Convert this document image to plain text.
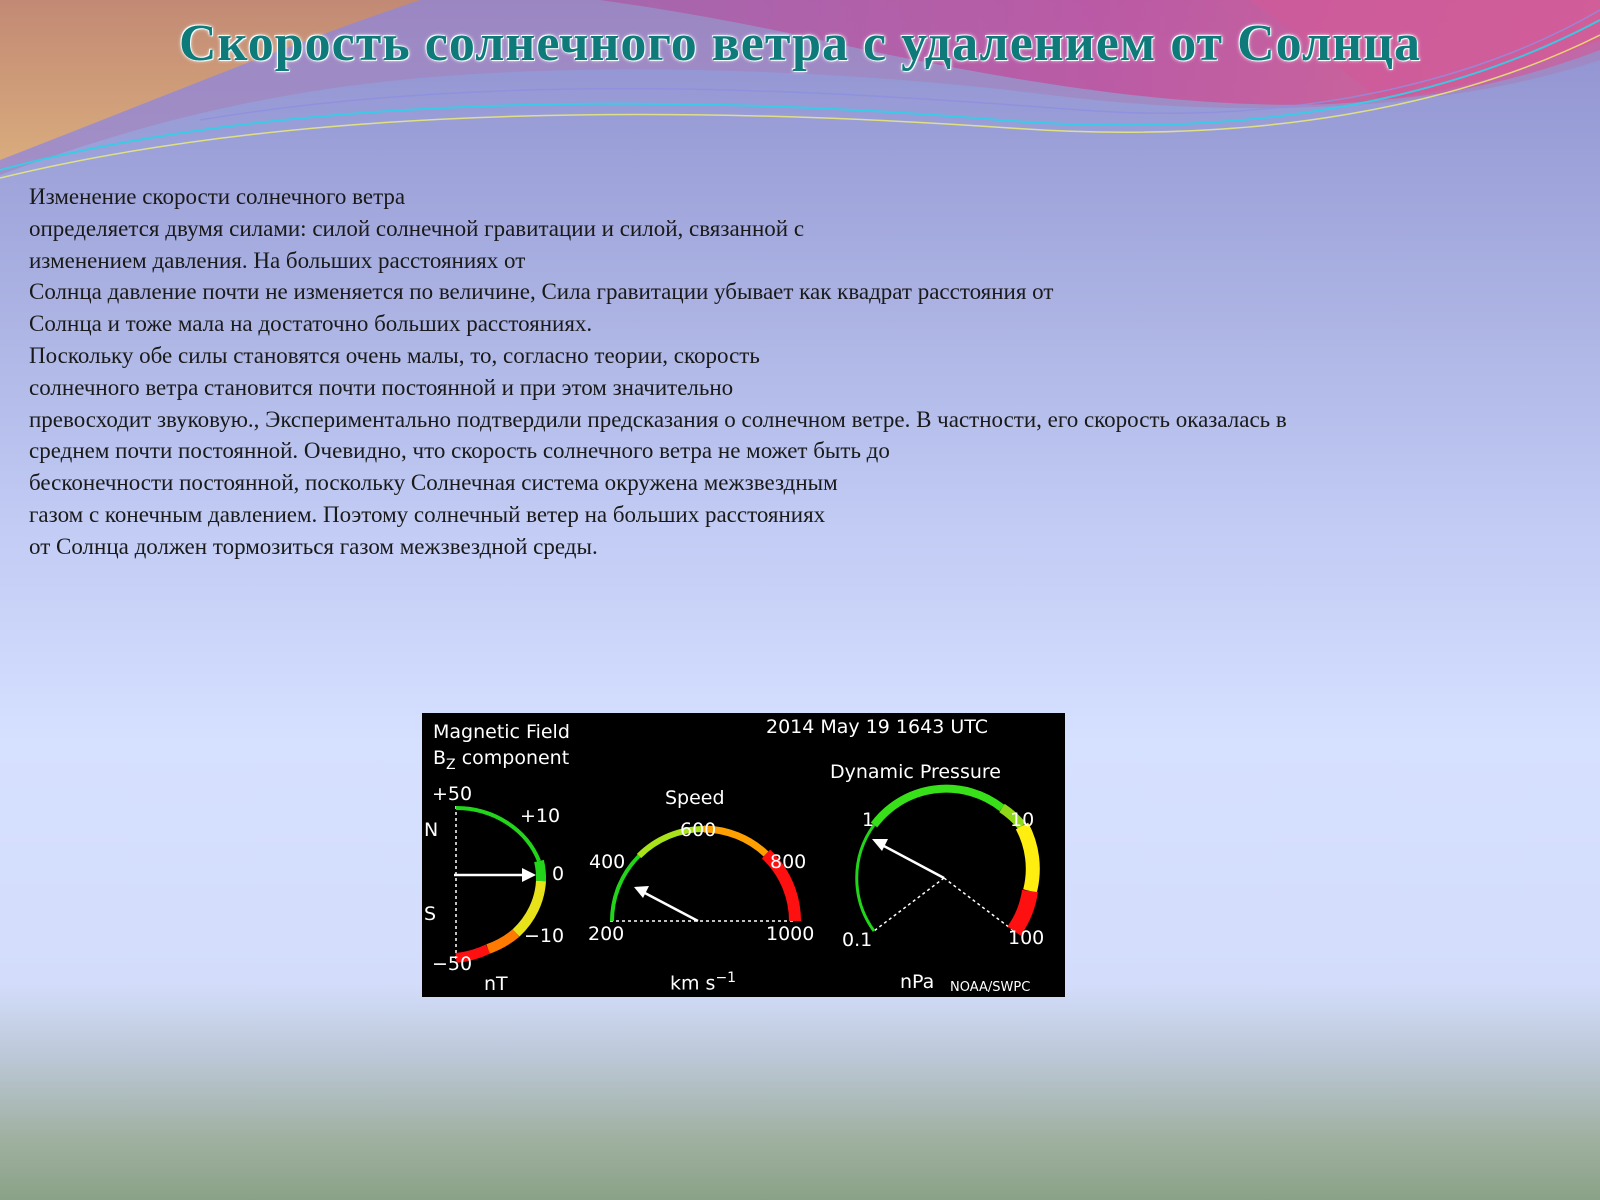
Скорость солнечного ветра с удалением от Солнца
Изменение скорости солнечного ветра
определяется двумя силами: силой солнечной гравитации и силой, связанной с
изменением давления. На больших расстояниях от
Солнца давление почти не изменяется по величине, Сила гравитации убывает как квадрат расстояния от
Солнца и тоже мала на достаточно больших расстояниях.
Поскольку обе силы становятся очень малы, то, согласно теории, скорость
солнечного ветра становится почти постоянной и при этом значительно
превосходит звуковую., Экспериментально подтвердили предсказания о солнечном ветре. В частности, его скорость оказалась в
среднем почти постоянной. Очевидно, что скорость солнечного ветра не может быть до
бесконечности постоянной, поскольку Солнечная система окружена межзвездным
газом с конечным давлением. Поэтому солнечный ветер на больших расстояниях
от Солнца должен тормозиться газом межзвездной среды.
Magnetic Field
$B_Z$ component
+50
N
S
−50
+10
0
−10
nT
Speed
600
400	800
200	1000
km $s^{-1}$
2014 May 19 1643 UTC
Dynamic Pressure
1	10
0.1	100
nPa NOAA/SWPC
